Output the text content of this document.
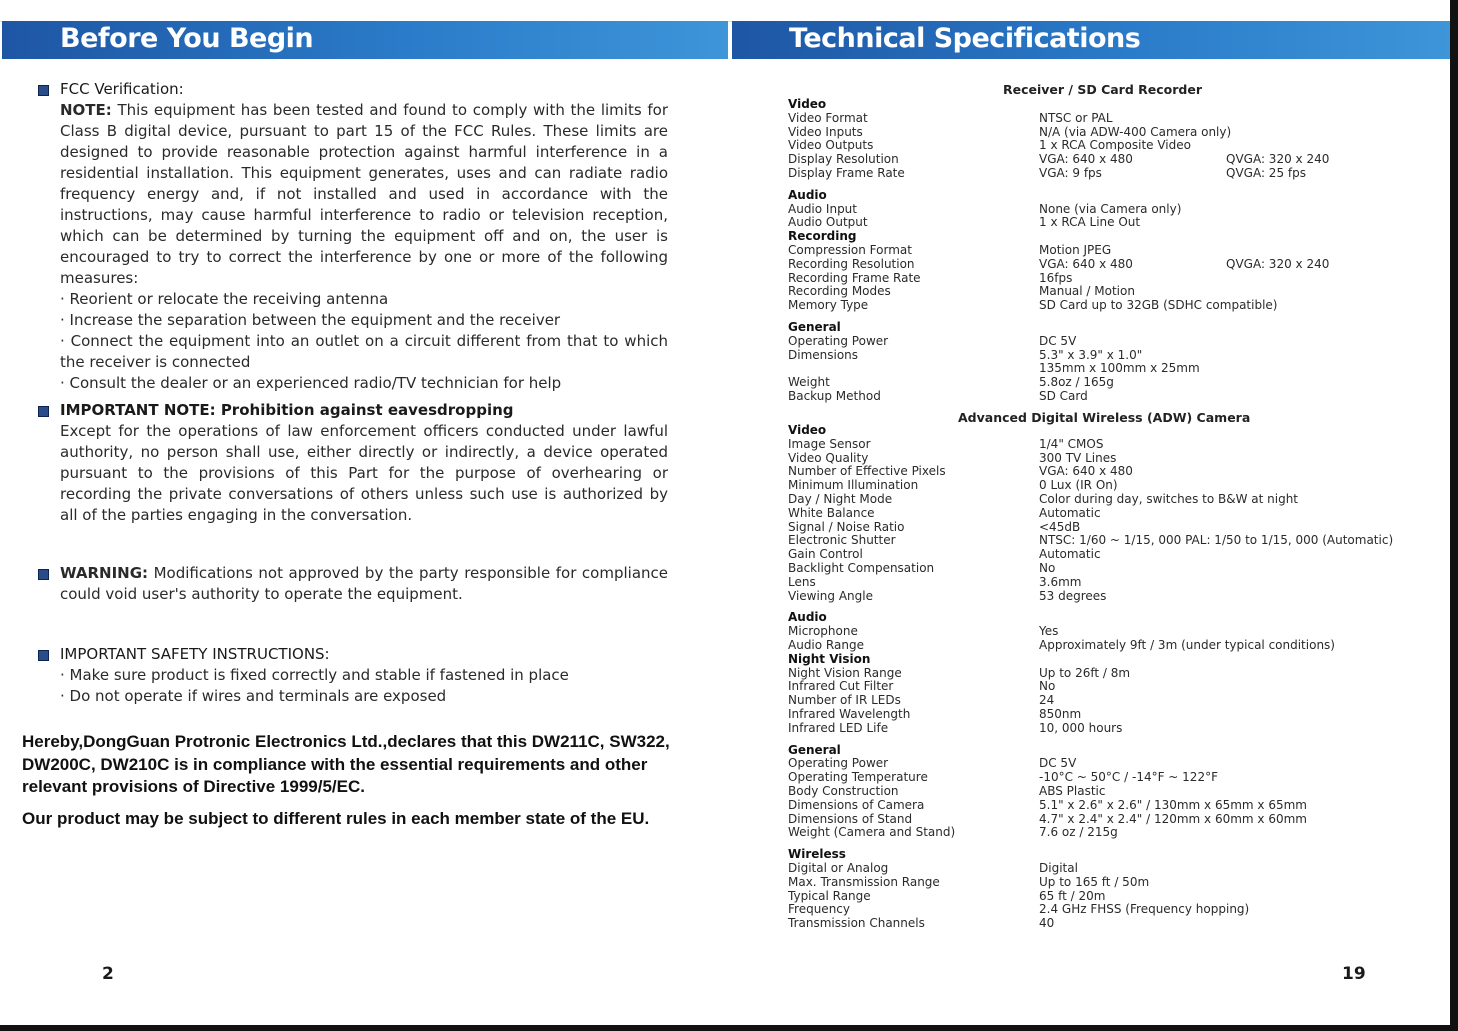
Before You Begin
FCC Verification:

NOTE: This equipment has been tested and found to comply with the limits for Class B digital device, pursuant to part 15 of the FCC Rules. These limits are designed to provide reasonable protection against harmful interference in a residential installation. This equipment generates, uses and can radiate radio frequency energy and, if not installed and used in accordance with the instructions, may cause harmful interference to radio or television reception, which can be determined by turning the equipment off and on, the user is encouraged to try to correct the interference by one or more of the following measures:

· Reorient or relocate the receiving antenna

· Increase the separation between the equipment and the receiver

· Connect the equipment into an outlet on a circuit different from that to which the receiver is connected

· Consult the dealer or an experienced radio/TV technician for help

IMPORTANT NOTE: Prohibition against eavesdropping
Except for the operations of law enforcement officers conducted under lawful authority, no person shall use, either directly or indirectly, a device operated pursuant to the provisions of this Part for the purpose of overhearing or recording the private conversations of others unless such use is authorized by all of the parties engaging in the conversation.
WARNING: Modifications not approved by the party responsible for compliance could void user's authority to operate the equipment.
IMPORTANT SAFETY INSTRUCTIONS:

· Make sure product is fixed correctly and stable if fastened in place

· Do not operate if wires and terminals are exposed

Hereby,DongGuan Protronic Electronics Ltd.,declares that this DW211C, SW322, DW200C, DW210C is in compliance with the essential requirements and other relevant provisions of Directive 1999/5/EC.
Our product may be subject to different rules in each member state of the EU.
2
Technical Specifications
Receiver / SD Card Recorder
Video
Video Format	NTSC or PAL
Video Inputs	N/A (via ADW-400 Camera only)
Video Outputs	1 x RCA Composite Video
Display Resolution	VGA: 640 x 480	QVGA: 320 x 240
Display Frame Rate	VGA: 9 fps	QVGA: 25 fps
Audio
Audio Input	None (via Camera only)
Audio Output	1 x RCA Line Out
Recording
Compression Format	Motion JPEG
Recording Resolution	VGA: 640 x 480	QVGA: 320 x 240
Recording Frame Rate	16fps
Recording Modes	Manual / Motion
Memory Type	SD Card up to 32GB (SDHC compatible)
General
Operating Power	DC 5V
Dimensions	5.3" x 3.9" x 1.0"
135mm x 100mm x 25mm
Weight	5.8oz / 165g
Backup Method	SD Card
Advanced Digital Wireless (ADW) Camera
Video
Image Sensor	1/4" CMOS
Video Quality	300 TV Lines
Number of Effective Pixels	VGA: 640 x 480
Minimum Illumination	0 Lux (IR On)
Day / Night Mode	Color during day, switches to B&W at night
White Balance	Automatic
Signal / Noise Ratio	<45dB
Electronic Shutter	NTSC: 1/60 ~ 1/15, 000 PAL: 1/50 to 1/15, 000 (Automatic)
Gain Control	Automatic
Backlight Compensation	No
Lens	3.6mm
Viewing Angle	53 degrees
Audio
Microphone	Yes
Audio Range	Approximately 9ft / 3m (under typical conditions)
Night Vision
Night Vision Range	Up to 26ft / 8m
Infrared Cut Filter	No
Number of IR LEDs	24
Infrared Wavelength	850nm
Infrared LED Life	10, 000 hours
General
Operating Power	DC 5V
Operating Temperature	-10°C ~ 50°C / -14°F ~ 122°F
Body Construction	ABS Plastic
Dimensions of Camera	5.1" x 2.6" x 2.6" / 130mm x 65mm x 65mm
Dimensions of Stand	4.7" x 2.4" x 2.4" / 120mm x 60mm x 60mm
Weight (Camera and Stand)	7.6 oz / 215g
Wireless
Digital or Analog	Digital
Max. Transmission Range	Up to 165 ft / 50m
Typical Range	65 ft / 20m
Frequency	2.4 GHz FHSS (Frequency hopping)
Transmission Channels	40
19
